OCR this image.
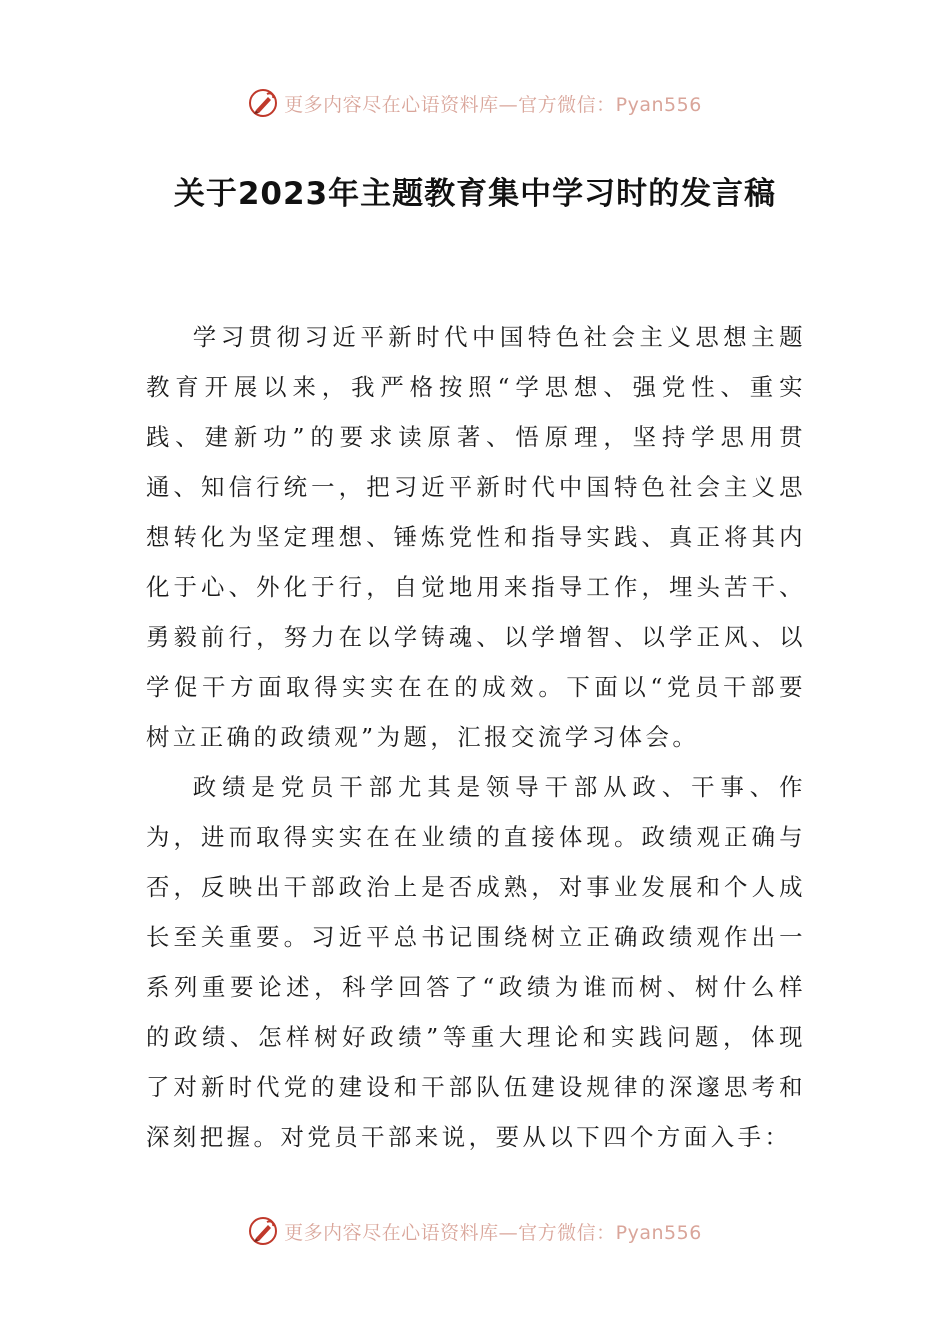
更多内容尽在心语资料库—官方微信：Pyan556
关于2023年主题教育集中学习时的发言稿

学习贯彻习近平新时代中国特色社会主义思想主题教育开展以来，我严格按照“学思想、强党性、重实践、建新功”的要求读原著、悟原理，坚持学思用贯通、知信行统一，把习近平新时代中国特色社会主义思想转化为坚定理想、锤炼党性和指导实践、真正将其内化于心、外化于行，自觉地用来指导工作，埋头苦干、勇毅前行，努力在以学铸魂、以学增智、以学正风、以学促干方面取得实实在在的成效。下面以“党员干部要树立正确的政绩观”为题，汇报交流学习体会。

政绩是党员干部尤其是领导干部从政、干事、作为，进而取得实实在在业绩的直接体现。政绩观正确与否，反映出干部政治上是否成熟，对事业发展和个人成长至关重要。习近平总书记围绕树立正确政绩观作出一系列重要论述，科学回答了“政绩为谁而树、树什么样的政绩、怎样树好政绩”等重大理论和实践问题，体现了对新时代党的建设和干部队伍建设规律的深邃思考和深刻把握。对党员干部来说，要从以下四个方面入手：

更多内容尽在心语资料库—官方微信：Pyan556
